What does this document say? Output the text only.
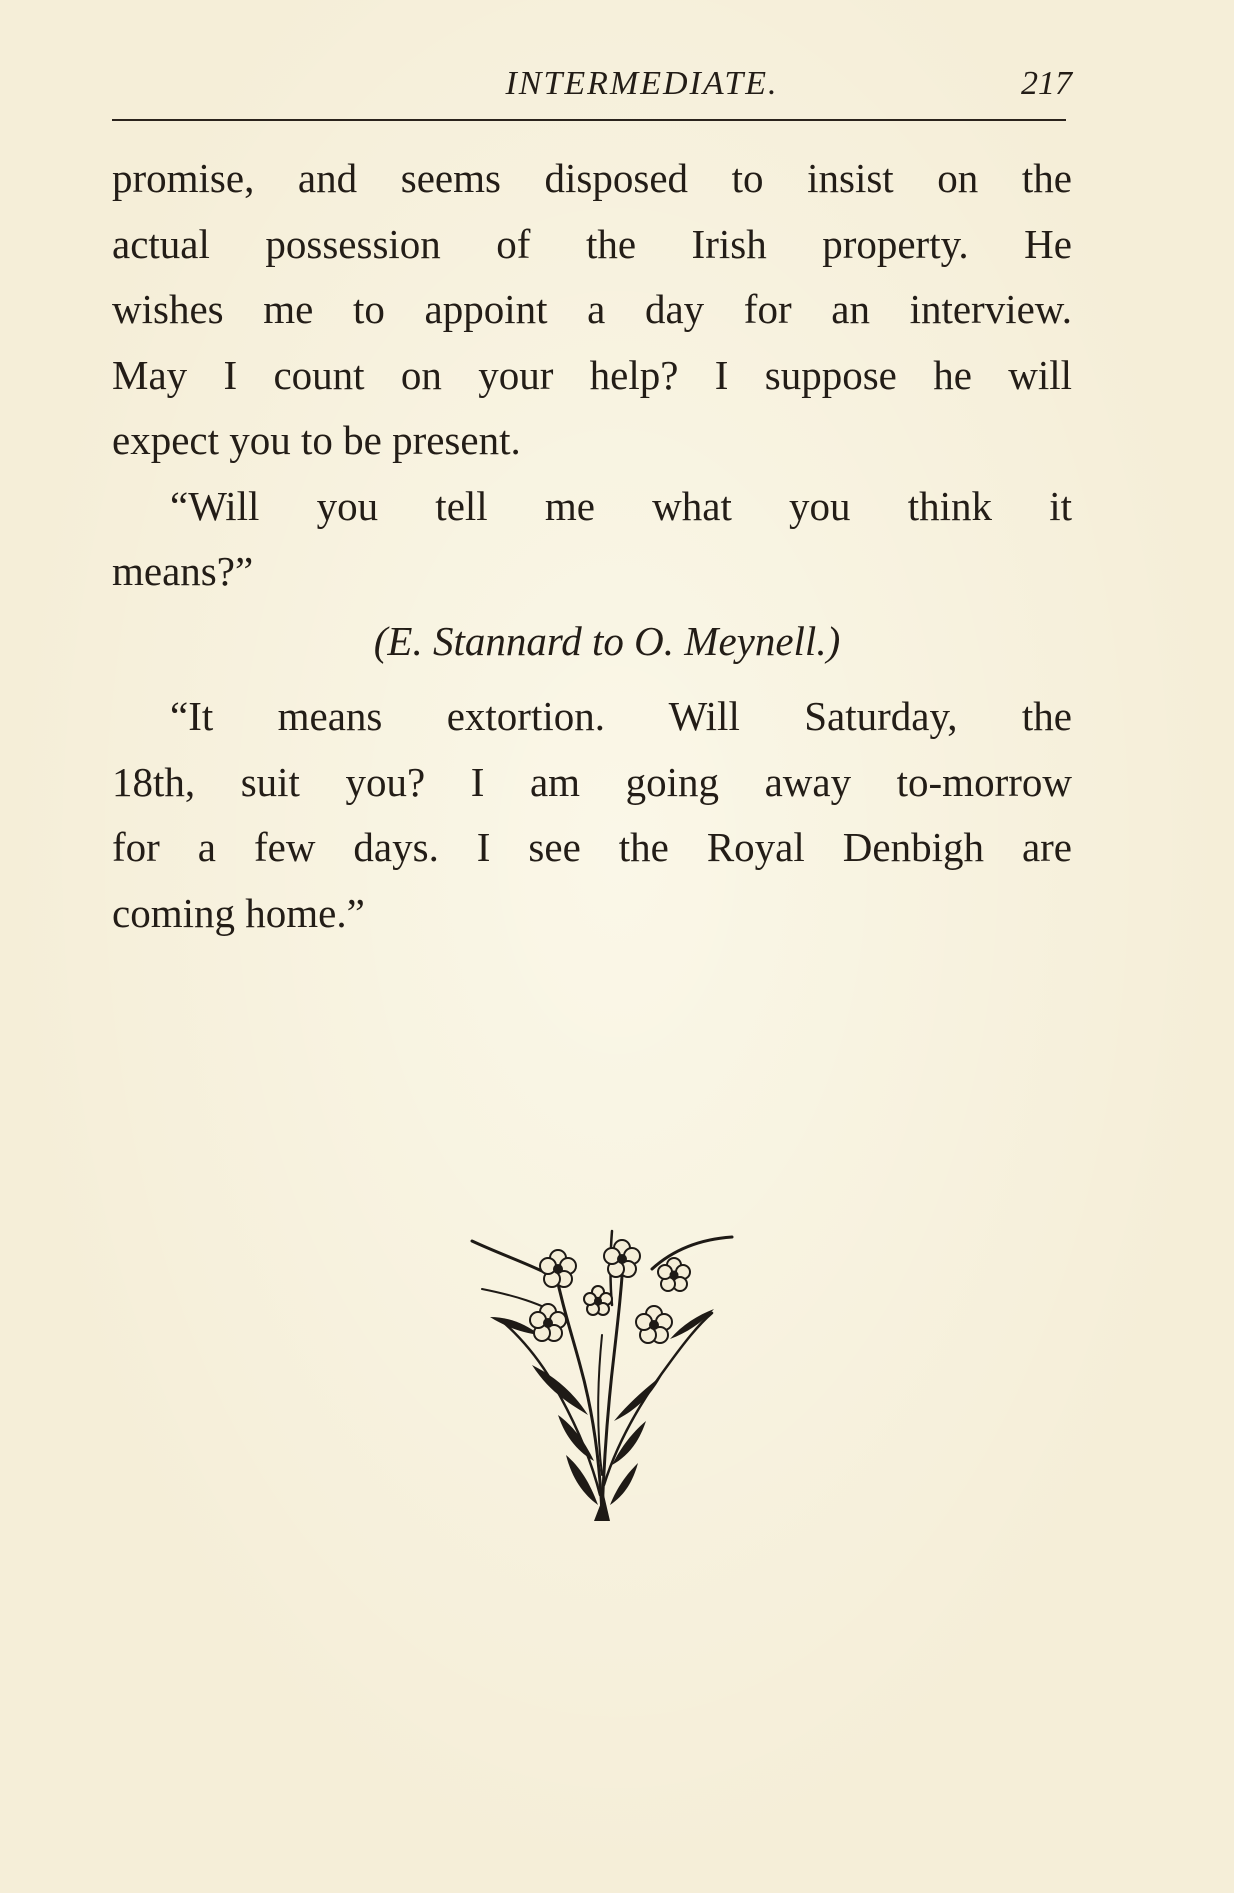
INTERMEDIATE.	217
promise, and seems disposed to insist on the
actual possession of the Irish property. He
wishes me to appoint a day for an interview.
May I count on your help? I suppose he will
expect you to be present.
“Will you tell me what you think it
means?”
(E. Stannard to O. Meynell.)
“It means extortion. Will Saturday, the
18th, suit you? I am going away to-morrow
for a few days. I see the Royal Denbigh are
coming home.”
